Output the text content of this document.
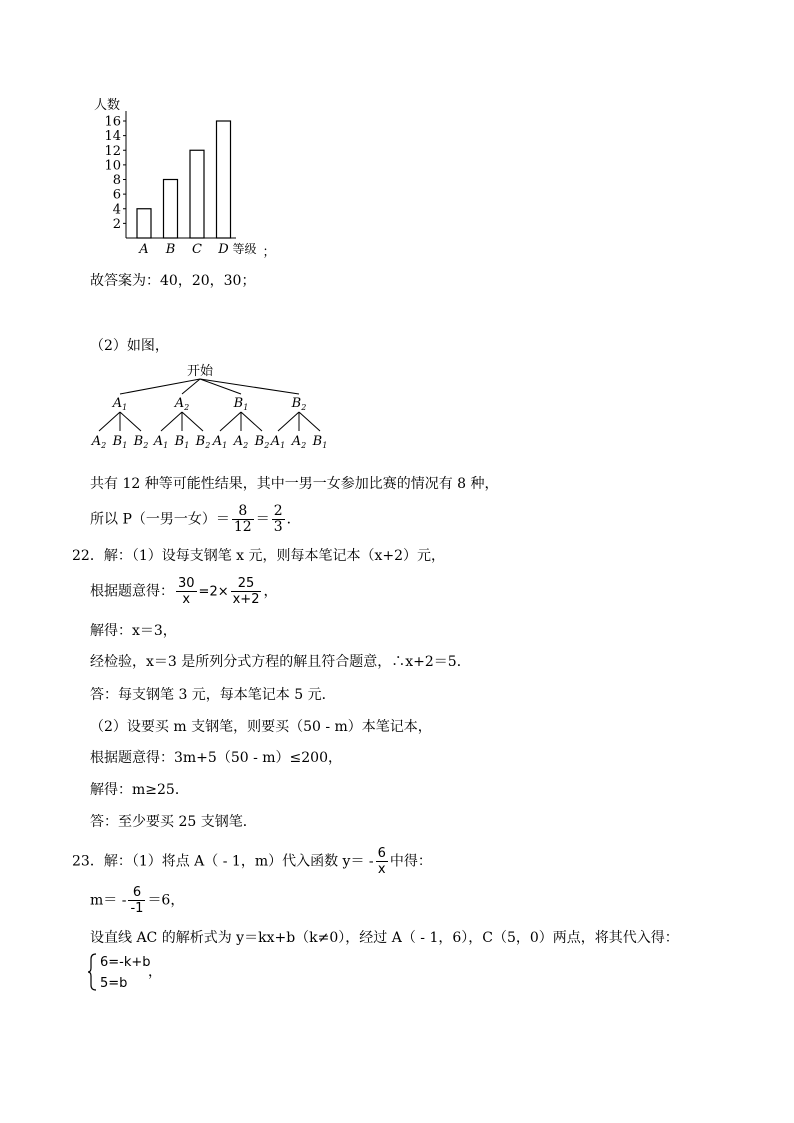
人数
2
4
6
8
10
12
14
16
A B C D 等级 ；
故答案为：40，20，30；
（2）如图，
开始
$A_1$
$A_2$ $B_1$ $B_2$
$A_2$
$A_1$ $B_1$ $B_2$
$B_1$
$A_1$ $A_2$ $B_2$
$B_2$
$A_1$ $A_2$ $B_1$
共有 12 种等可能性结果，其中一男一女参加比赛的情况有 8 种，
所以 P（一男一女）＝ $\frac{8}{12} = \frac{2}{3}$ ．
22．解：（1）设每支钢笔 x 元，则每本笔记本（x+2）元，
根据题意得： $\frac{30}{x} =2\times \frac{25}{x+2}$ ，
解得：x＝3，
经检验，x＝3 是所列分式方程的解且符合题意，∴x+2＝5．
答：每支钢笔 3 元，每本笔记本 5 元．
（2）设要买 m 支钢笔，则要买（50 - m）本笔记本，
根据题意得：3m+5（50 - m）≤200，
解得：m≥25．
答：至少要买 25 支钢笔．
23．解：（1）将点 A（ - 1，m）代入函数 $y= - \frac{6}{x}$ 中得：
$m= - \frac{6}{-1} =6$，
设直线 AC 的解析式为 y＝kx+b（k≠0），经过 A（ - 1，6），C（5，0）两点，将其代入得：
6=-k+b
5=b
，
